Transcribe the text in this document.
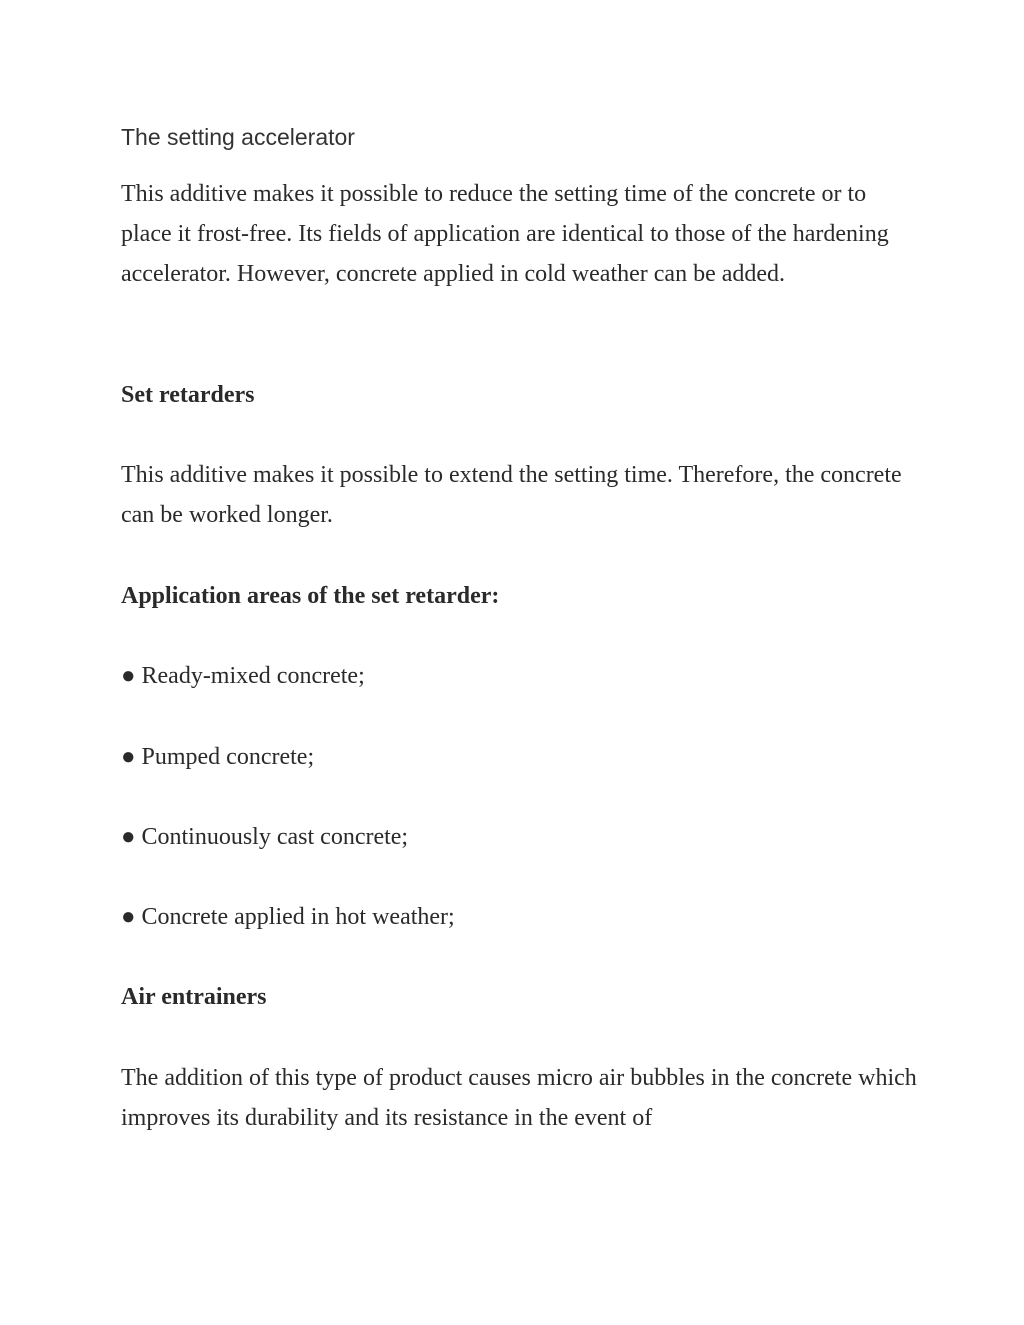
The setting accelerator
This additive makes it possible to reduce the setting time of the concrete or to place it frost-free. Its fields of application are identical to those of the hardening accelerator. However, concrete applied in cold weather can be added.
Set retarders
This additive makes it possible to extend the setting time. Therefore, the concrete can be worked longer.
Application areas of the set retarder:
● Ready-mixed concrete;
● Pumped concrete;
● Continuously cast concrete;
● Concrete applied in hot weather;
Air entrainers
The addition of this type of product causes micro air bubbles in the concrete which improves its durability and its resistance in the event of
